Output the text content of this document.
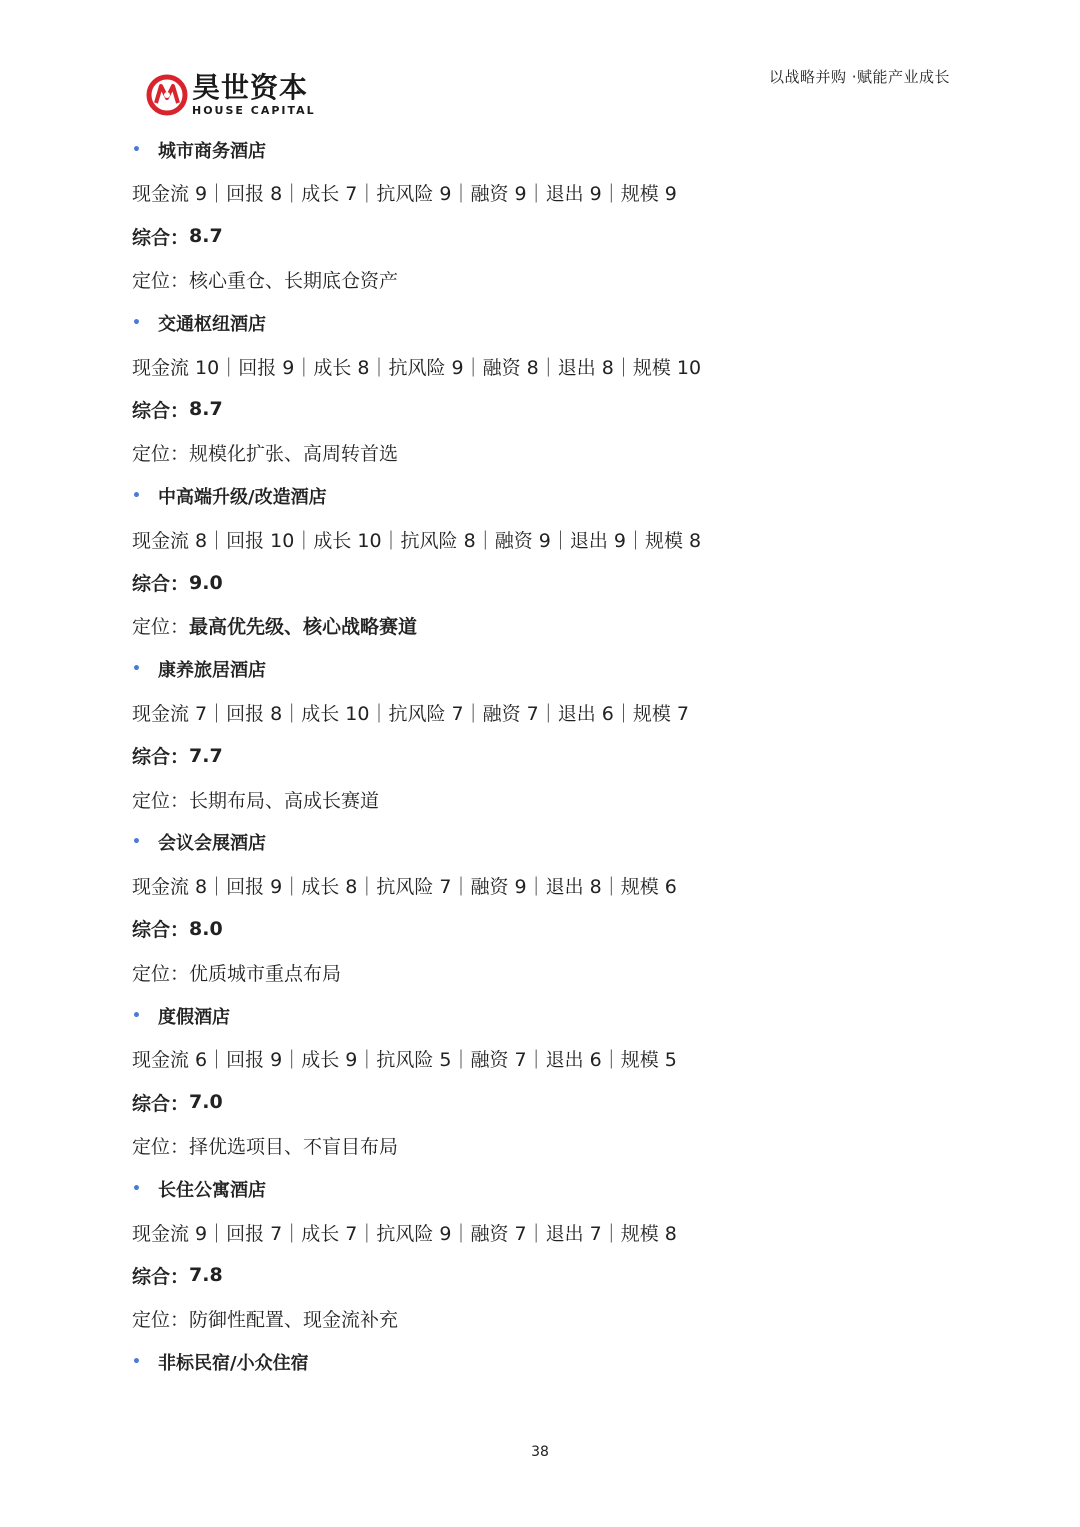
以战略并购 ·赋能产业成长
昊世资本
HOUSE CAPITAL
• 城市商务酒店
现金流 9｜回报 8｜成长 7｜抗风险 9｜融资 9｜退出 9｜规模 9
综合： 8.7
定位： 核心重仓、长期底仓资产
• 交通枢纽酒店
现金流 10｜回报 9｜成长 8｜抗风险 9｜融资 8｜退出 8｜规模 10
综合： 8.7
定位： 规模化扩张、高周转首选
• 中高端升级/改造酒店
现金流 8｜回报 10｜成长 10｜抗风险 8｜融资 9｜退出 9｜规模 8
综合： 9.0
定位： 最高优先级、核心战略赛道
• 康养旅居酒店
现金流 7｜回报 8｜成长 10｜抗风险 7｜融资 7｜退出 6｜规模 7
综合： 7.7
定位： 长期布局、高成长赛道
• 会议会展酒店
现金流 8｜回报 9｜成长 8｜抗风险 7｜融资 9｜退出 8｜规模 6
综合： 8.0
定位： 优质城市重点布局
• 度假酒店
现金流 6｜回报 9｜成长 9｜抗风险 5｜融资 7｜退出 6｜规模 5
综合： 7.0
定位： 择优选项目、不盲目布局
• 长住公寓酒店
现金流 9｜回报 7｜成长 7｜抗风险 9｜融资 7｜退出 7｜规模 8
综合： 7.8
定位： 防御性配置、现金流补充
• 非标民宿/小众住宿
38
